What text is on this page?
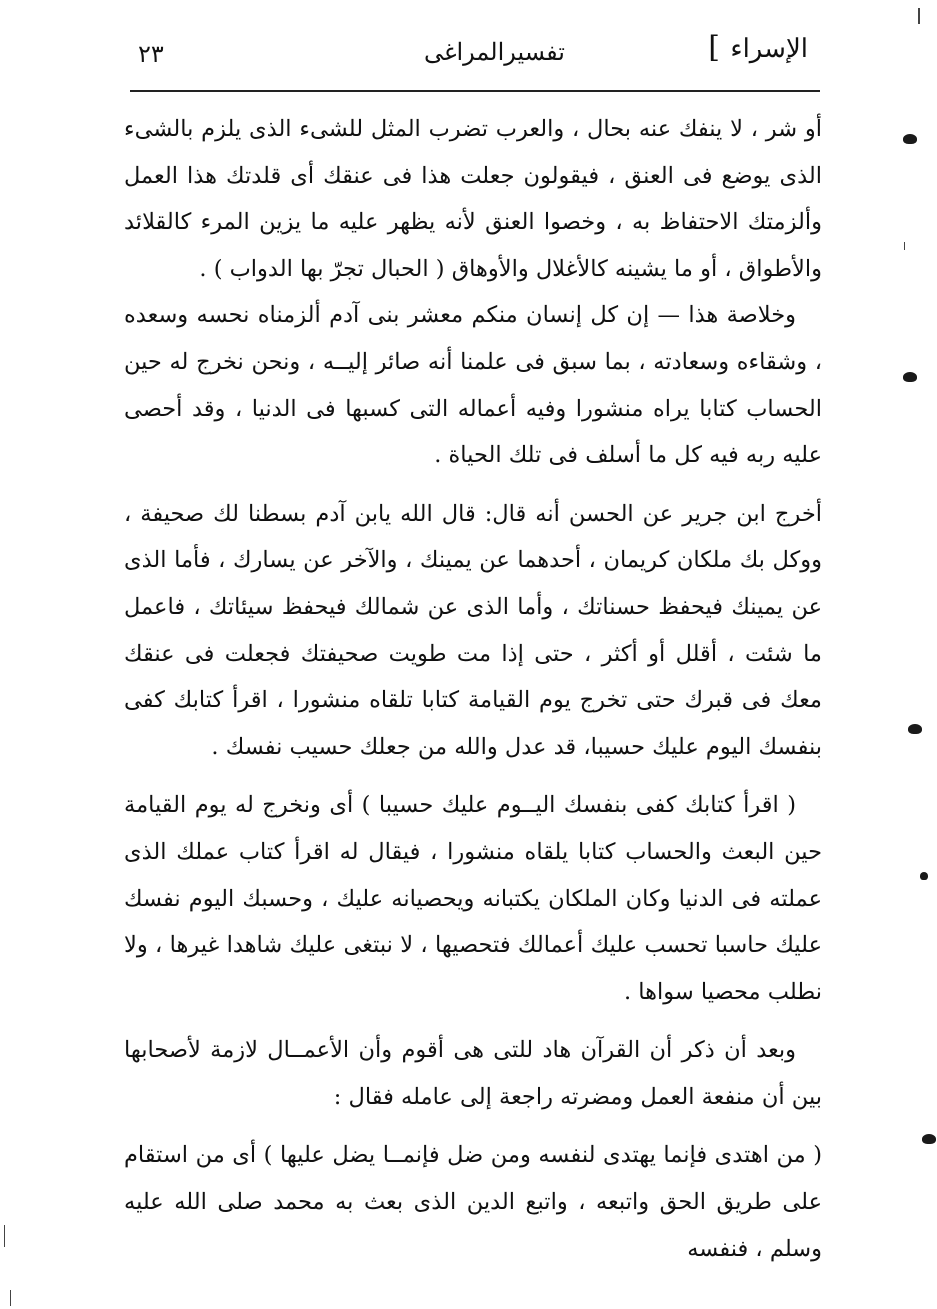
الإسراء
]
تفسيرالمراغى
٢٣

أو شر ، لا ينفك عنه بحال ، والعرب تضرب المثل للشىء الذى يلزم بالشىء الذى يوضع فى العنق ، فيقولون جعلت هذا فى عنقك أى قلدتك هذا العمل وألزمتك الاحتفاظ به ، وخصوا العنق لأنه يظهر عليه ما يزين المرء كالقلائد والأطواق ، أو ما يشينه كالأغلال والأوهاق ( الحبال تجرّ بها الدواب ) .

وخلاصة هذا — إن كل إنسان منكم معشر بنى آدم ألزمناه نحسه وسعده ، وشقاءه وسعادته ، بما سبق فى علمنا أنه صائر إليــه ، ونحن نخرج له حين الحساب كتابا يراه منشورا وفيه أعماله التى كسبها فى الدنيا ، وقد أحصى عليه ربه فيه كل ما أسلف فى تلك الحياة .

أخرج ابن جرير عن الحسن أنه قال: قال الله يابن آدم بسطنا لك صحيفة ، ووكل بك ملكان كريمان ، أحدهما عن يمينك ، والآخر عن يسارك ، فأما الذى عن يمينك فيحفظ حسناتك ، وأما الذى عن شمالك فيحفظ سيئاتك ، فاعمل ما شئت ، أقلل أو أكثر ، حتى إذا مت طويت صحيفتك فجعلت فى عنقك معك فى قبرك حتى تخرج يوم القيامة كتابا تلقاه منشورا ، اقرأ كتابك كفى بنفسك اليوم عليك حسيبا، قد عدل والله من جعلك حسيب نفسك .

( اقرأ كتابك كفى بنفسك اليــوم عليك حسيبا ) أى ونخرج له يوم القيامة حين البعث والحساب كتابا يلقاه منشورا ، فيقال له اقرأ كتاب عملك الذى عملته فى الدنيا وكان الملكان يكتبانه ويحصيانه عليك ، وحسبك اليوم نفسك عليك حاسبا تحسب عليك أعمالك فتحصيها ، لا نبتغى عليك شاهدا غيرها ، ولا نطلب محصيا سواها .

وبعد أن ذكر أن القرآن هاد للتى هى أقوم وأن الأعمــال لازمة لأصحابها بين أن منفعة العمل ومضرته راجعة إلى عامله فقال :

( من اهتدى فإنما يهتدى لنفسه ومن ضل فإنمــا يضل عليها ) أى من استقام على طريق الحق واتبعه ، واتبع الدين الذى بعث به محمد صلى الله عليه وسلم ، فنفسه
